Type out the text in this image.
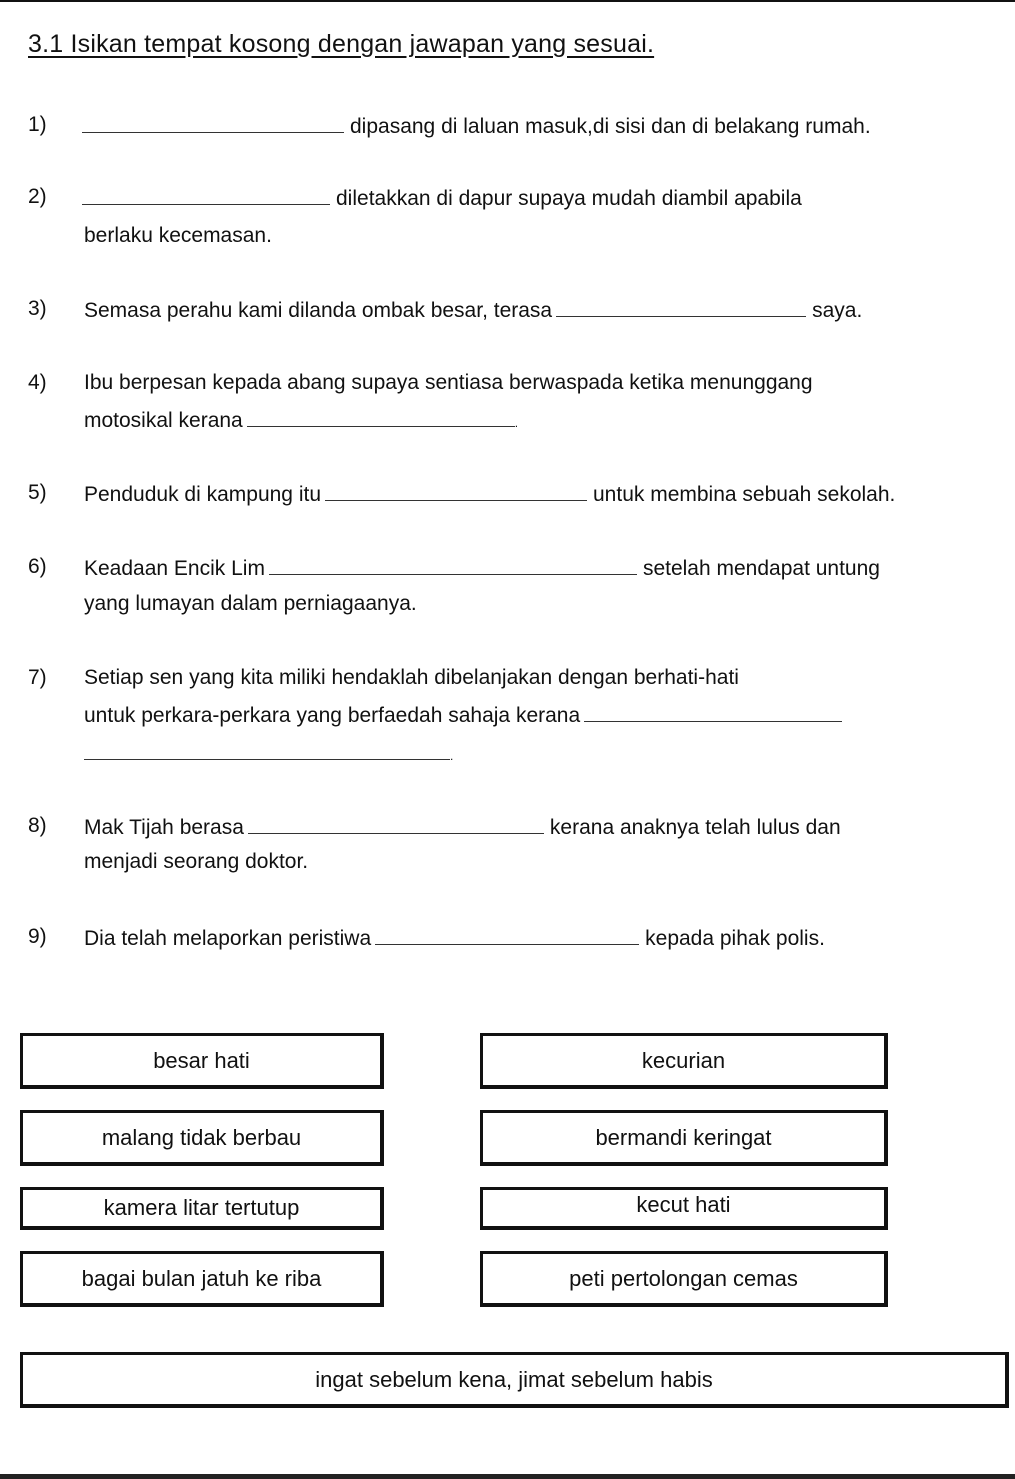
3.1 Isikan tempat kosong dengan jawapan yang sesuai.
1)	dipasang di laluan masuk,di sisi dan di belakang rumah.
2)	diletakkan di dapur supaya mudah diambil apabila
berlaku kecemasan.
3) Semasa perahu kami dilanda ombak besar, terasa	saya.
4) Ibu berpesan kepada abang supaya sentiasa berwaspada ketika menunggang
motosikal kerana	.
5) Penduduk di kampung itu	untuk membina sebuah sekolah.
6) Keadaan Encik Lim	setelah mendapat untung
yang lumayan dalam perniagaanya.
7) Setiap sen yang kita miliki hendaklah dibelanjakan dengan berhati-hati
untuk perkara-perkara yang berfaedah sahaja kerana
.
8) Mak Tijah berasa	kerana anaknya telah lulus dan
menjadi seorang doktor.
9) Dia telah melaporkan peristiwa	kepada pihak polis.
besar hati	kecurian
malang tidak berbau	bermandi keringat
kamera litar tertutup	kecut hati
bagai bulan jatuh ke riba	peti pertolongan cemas
ingat sebelum kena, jimat sebelum habis
